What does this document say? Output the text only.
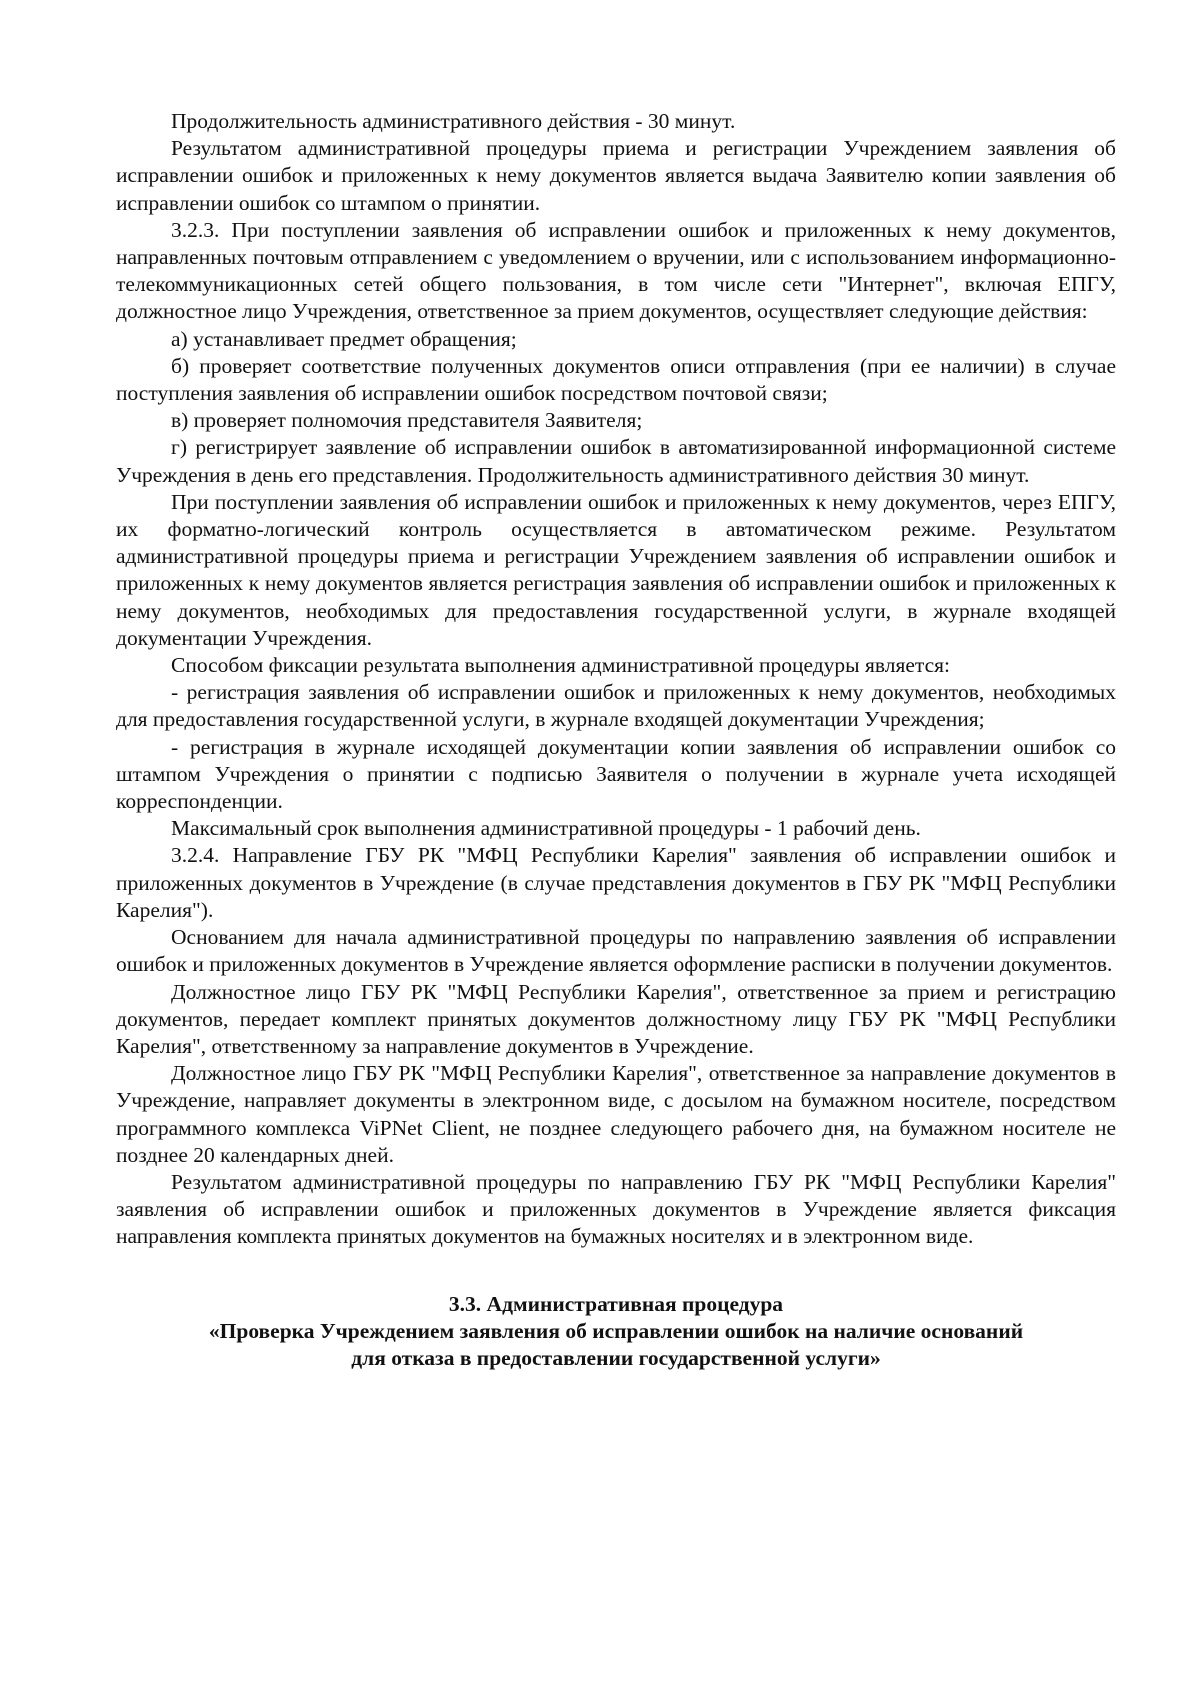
Продолжительность административного действия - 30 минут.

Результатом административной процедуры приема и регистрации Учреждением заявления об исправлении ошибок и приложенных к нему документов является выдача Заявителю копии заявления об исправлении ошибок со штампом о принятии.

3.2.3. При поступлении заявления об исправлении ошибок и приложенных к нему документов, направленных почтовым отправлением с уведомлением о вручении, или с использованием информационно-телекоммуникационных сетей общего пользования, в том числе сети "Интернет", включая ЕПГУ, должностное лицо Учреждения, ответственное за прием документов, осуществляет следующие действия:

а) устанавливает предмет обращения;

б) проверяет соответствие полученных документов описи отправления (при ее наличии) в случае поступления заявления об исправлении ошибок посредством почтовой связи;

в) проверяет полномочия представителя Заявителя;

г) регистрирует заявление об исправлении ошибок в автоматизированной информационной системе Учреждения в день его представления. Продолжительность административного действия 30 минут.

При поступлении заявления об исправлении ошибок и приложенных к нему документов, через ЕПГУ, их форматно-логический контроль осуществляется в автоматическом режиме. Результатом административной процедуры приема и регистрации Учреждением заявления об исправлении ошибок и приложенных к нему документов является регистрация заявления об исправлении ошибок и приложенных к нему документов, необходимых для предоставления государственной услуги, в журнале входящей документации Учреждения.

Способом фиксации результата выполнения административной процедуры является:

- регистрация заявления об исправлении ошибок и приложенных к нему документов, необходимых для предоставления государственной услуги, в журнале входящей документации Учреждения;

- регистрация в журнале исходящей документации копии заявления об исправлении ошибок со штампом Учреждения о принятии с подписью Заявителя о получении в журнале учета исходящей корреспонденции.

Максимальный срок выполнения административной процедуры - 1 рабочий день.

3.2.4. Направление ГБУ РК "МФЦ Республики Карелия" заявления об исправлении ошибок и приложенных документов в Учреждение (в случае представления документов в ГБУ РК "МФЦ Республики Карелия").

Основанием для начала административной процедуры по направлению заявления об исправлении ошибок и приложенных документов в Учреждение является оформление расписки в получении документов.

Должностное лицо ГБУ РК "МФЦ Республики Карелия", ответственное за прием и регистрацию документов, передает комплект принятых документов должностному лицу ГБУ РК "МФЦ Республики Карелия", ответственному за направление документов в Учреждение.

Должностное лицо ГБУ РК "МФЦ Республики Карелия", ответственное за направление документов в Учреждение, направляет документы в электронном виде, с досылом на бумажном носителе, посредством программного комплекса ViPNet Client, не позднее следующего рабочего дня, на бумажном носителе не позднее 20 календарных дней.

Результатом административной процедуры по направлению ГБУ РК "МФЦ Республики Карелия" заявления об исправлении ошибок и приложенных документов в Учреждение является фиксация направления комплекта принятых документов на бумажных носителях и в электронном виде.

3.3. Административная процедура

«Проверка Учреждением заявления об исправлении ошибок на наличие оснований

для отказа в предоставлении государственной услуги»
